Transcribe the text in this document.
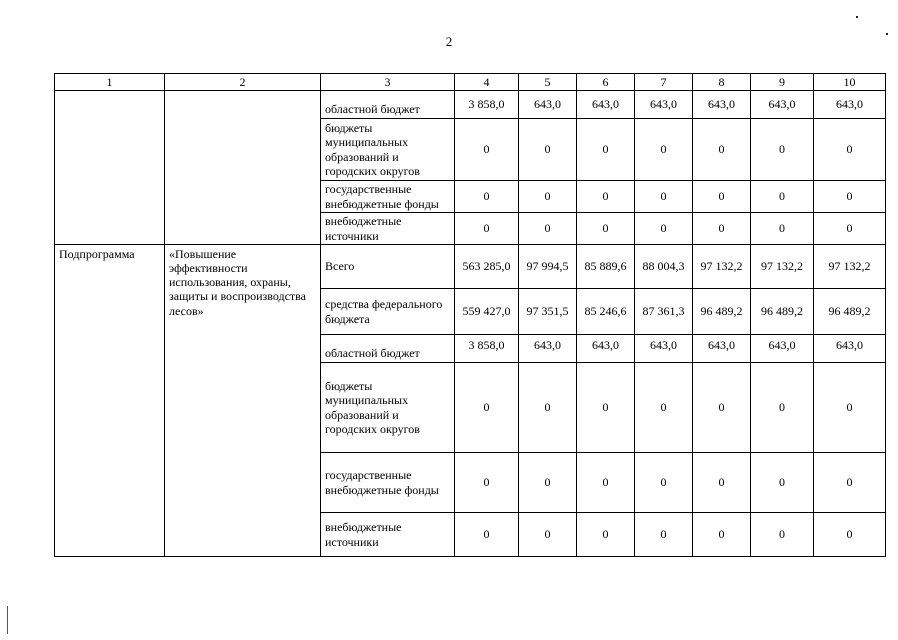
2
1	2	3	4	5	6	7	8	9	10
		областной бюджет	3 858,0	643,0	643,0	643,0	643,0	643,0	643,0
		бюджеты муниципальных образований и городских округов	0	0	0	0	0	0	0
		государственные внебюджетные фонды	0	0	0	0	0	0	0
		внебюджетные источники	0	0	0	0	0	0	0
Подпрограмма	«Повышение эффективности использования, охраны, защиты и воспроизводства лесов»	Всего	563 285,0	97 994,5	85 889,6	88 004,3	97 132,2	97 132,2	97 132,2
		средства федерального бюджета	559 427,0	97 351,5	85 246,6	87 361,3	96 489,2	96 489,2	96 489,2
		областной бюджет	3 858,0	643,0	643,0	643,0	643,0	643,0	643,0
		бюджеты муниципальных образований и городских округов	0	0	0	0	0	0	0
		государственные внебюджетные фонды	0	0	0	0	0	0	0
		внебюджетные источники	0	0	0	0	0	0	0
